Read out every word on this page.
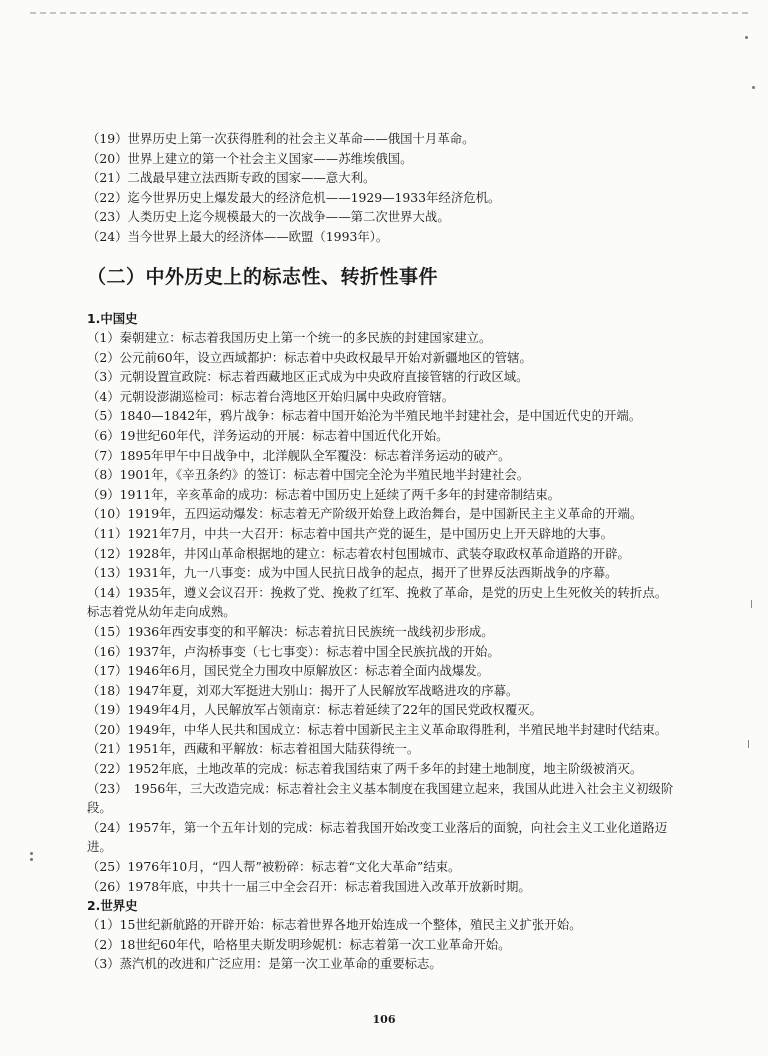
（19）世界历史上第一次获得胜利的社会主义革命——俄国十月革命。
（20）世界上建立的第一个社会主义国家——苏维埃俄国。
（21）二战最早建立法西斯专政的国家——意大利。
（22）迄今世界历史上爆发最大的经济危机——1929—1933年经济危机。
（23）人类历史上迄今规模最大的一次战争——第二次世界大战。
（24）当今世界上最大的经济体——欧盟（1993年）。
（二）中外历史上的标志性、转折性事件
1.中国史
（1）秦朝建立：标志着我国历史上第一个统一的多民族的封建国家建立。
（2）公元前60年，设立西域都护：标志着中央政权最早开始对新疆地区的管辖。
（3）元朝设置宣政院：标志着西藏地区正式成为中央政府直接管辖的行政区域。
（4）元朝设澎湖巡检司：标志着台湾地区开始归属中央政府管辖。
（5）1840—1842年，鸦片战争：标志着中国开始沦为半殖民地半封建社会，是中国近代史的开端。
（6）19世纪60年代，洋务运动的开展：标志着中国近代化开始。
（7）1895年甲午中日战争中，北洋舰队全军覆没：标志着洋务运动的破产。
（8）1901年，《辛丑条约》的签订：标志着中国完全沦为半殖民地半封建社会。
（9）1911年，辛亥革命的成功：标志着中国历史上延续了两千多年的封建帝制结束。
（10）1919年，五四运动爆发：标志着无产阶级开始登上政治舞台，是中国新民主主义革命的开端。
（11）1921年7月，中共一大召开：标志着中国共产党的诞生，是中国历史上开天辟地的大事。
（12）1928年，井冈山革命根据地的建立：标志着农村包围城市、武装夺取政权革命道路的开辟。
（13）1931年，九一八事变：成为中国人民抗日战争的起点，揭开了世界反法西斯战争的序幕。
（14）1935年，遵义会议召开：挽救了党、挽救了红军、挽救了革命，是党的历史上生死攸关的转折点。标志着党从幼年走向成熟。
（15）1936年西安事变的和平解决：标志着抗日民族统一战线初步形成。
（16）1937年，卢沟桥事变（七七事变）：标志着中国全民族抗战的开始。
（17）1946年6月，国民党全力围攻中原解放区：标志着全面内战爆发。
（18）1947年夏，刘邓大军挺进大别山：揭开了人民解放军战略进攻的序幕。
（19）1949年4月，人民解放军占领南京：标志着延续了22年的国民党政权覆灭。
（20）1949年，中华人民共和国成立：标志着中国新民主主义革命取得胜利，半殖民地半封建时代结束。
（21）1951年，西藏和平解放：标志着祖国大陆获得统一。
（22）1952年底，土地改革的完成：标志着我国结束了两千多年的封建土地制度，地主阶级被消灭。
（23）　1956年，三大改造完成：标志着社会主义基本制度在我国建立起来，我国从此进入社会主义初级阶段。
（24）1957年，第一个五年计划的完成：标志着我国开始改变工业落后的面貌，向社会主义工业化道路迈进。
（25）1976年10月，“四人帮”被粉碎：标志着“文化大革命”结束。
（26）1978年底，中共十一届三中全会召开：标志着我国进入改革开放新时期。
2.世界史
（1）15世纪新航路的开辟开始：标志着世界各地开始连成一个整体，殖民主义扩张开始。
（2）18世纪60年代，哈格里夫斯发明珍妮机：标志着第一次工业革命开始。
（3）蒸汽机的改进和广泛应用：是第一次工业革命的重要标志。
106
